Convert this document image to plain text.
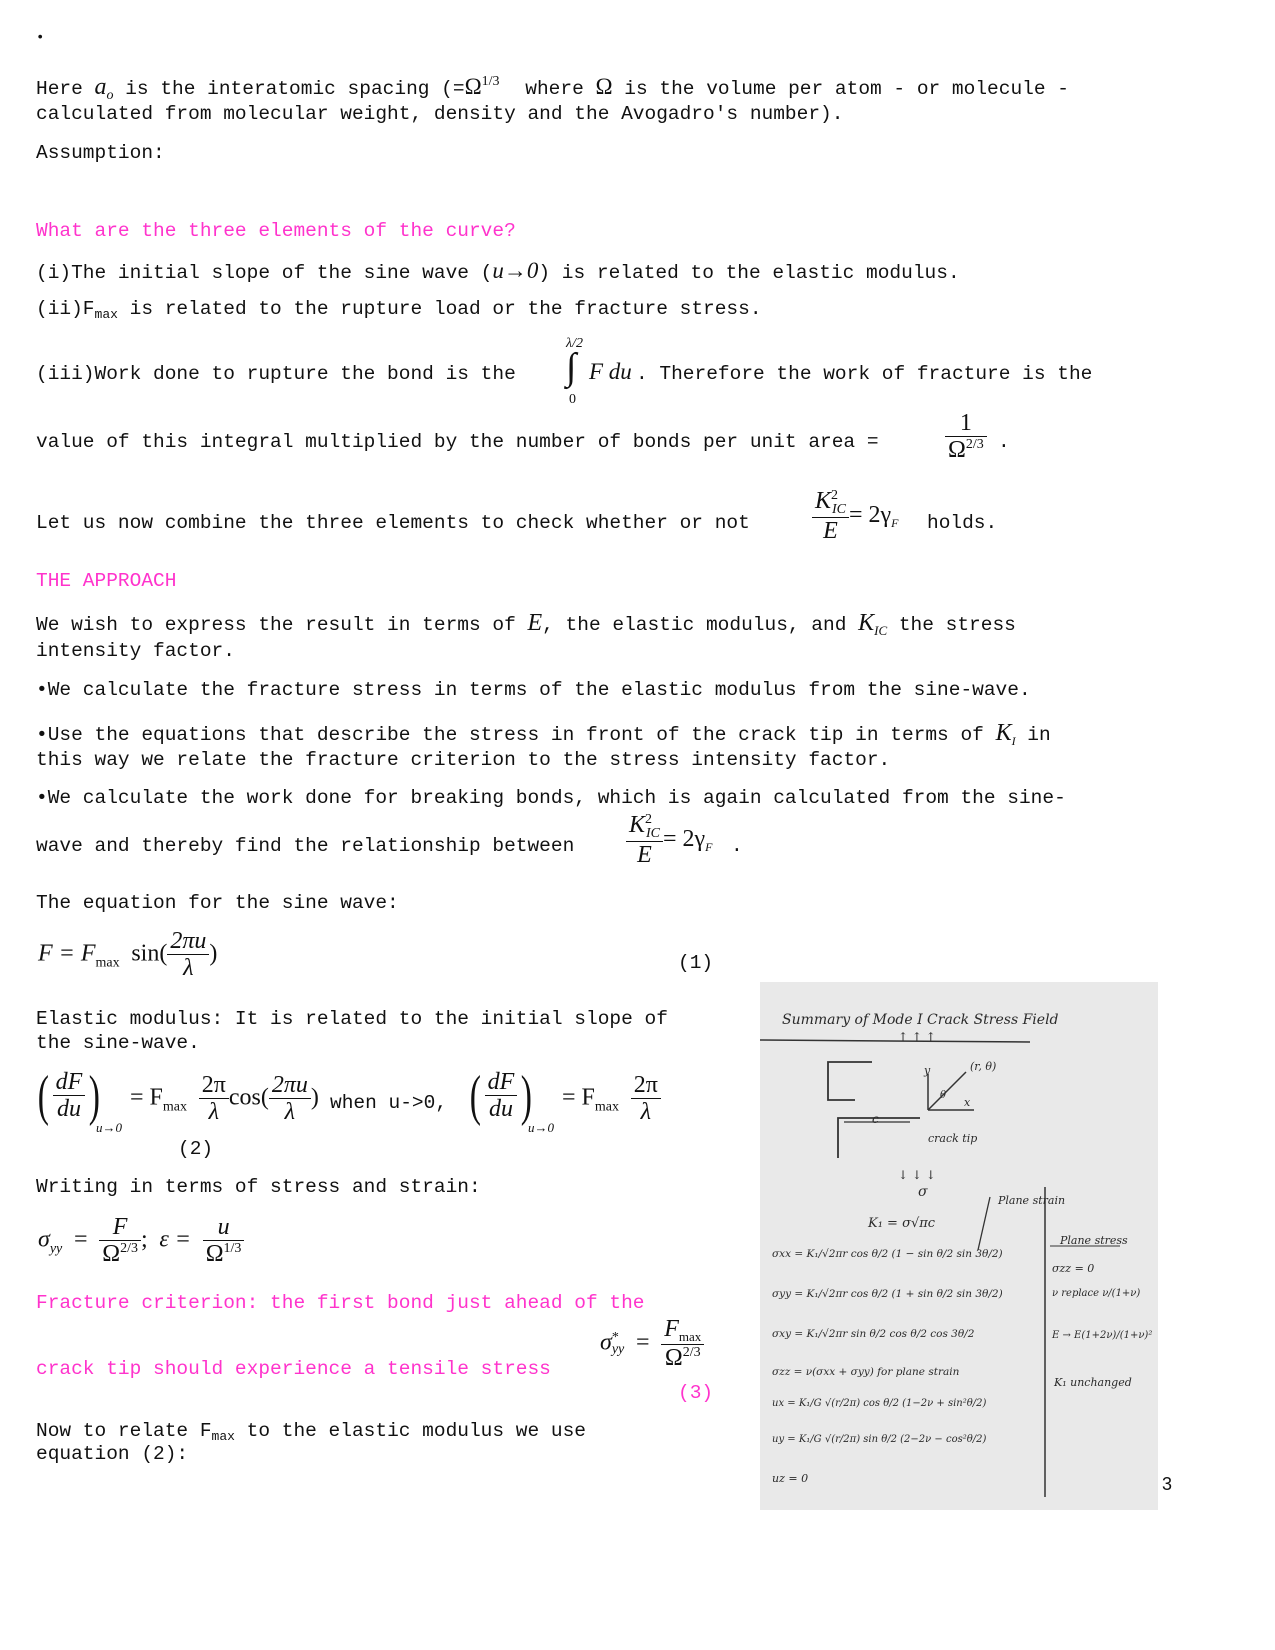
•
Here $a_o$ is the interatomic spacing ($=\Omega^{1/3}$ where Ω is the volume per atom - or molecule -
calculated from molecular weight, density and the Avogadro's number).
Assumption:
What are the three elements of the curve?
(i)The initial slope of the sine wave (u→0) is related to the elastic modulus.
$(ii)F_{max}$ is related to the rupture load or the fracture stress.
(iii)Work done to rupture the bond is the
λ/2
∫
0
F du . Therefore the work of fracture is the
value of this integral multiplied by the number of bonds per unit area =	$\frac{1}{\Omega^{2/3}}$ .
Let us now combine the three elements to check whether or not	$\frac{K^2_{IC}}{E} = 2\gamma_F$ holds.
THE APPROACH
We wish to express the result in terms of E, the elastic modulus, and $K_{IC}$ the stress
intensity factor.
•We calculate the fracture stress in terms of the elastic modulus from the sine-wave.
•Use the equations that describe the stress in front of the crack tip in terms of $K_I$ in
this way we relate the fracture criterion to the stress intensity factor.
•We calculate the work done for breaking bonds, which is again calculated from the sine-
wave and thereby find the relationship between $\frac{K^2_{IC}}{E} = 2\gamma_F$ .
The equation for the sine wave:
$F = F_{max}$ $\sin( \frac{2\pi u}{\lambda}$ )	(1)
Elastic modulus: It is related to the initial slope of
the sine-wave.
( $\frac{dF}{du}$ )
u→0
= $F_{max} \frac{2\pi}{\lambda} \cos( \frac{2\pi u}{\lambda}$ ) when u->0, ( $\frac{dF}{du}$ )
u→0
= $F_{max} \frac{2\pi}{\lambda}$
(2)
Writing in terms of stress and strain:
$\sigma_{yy} = \frac{F}{\Omega^{2/3}}$ ; $\varepsilon = \frac{u}{\Omega^{1/3}}$
Fracture criterion: the first bond just ahead of the
crack tip should experience a tensile stress
σ *
yy = $\frac{F_{max}}{\Omega^{2/3}}$
(3)
Now to relate $F_{max}$ to the elastic modulus we use
equation (2):
Summary of Mode I Crack Stress Field
↑ ↑ ↑
y	(r, θ)
θ
x
c
crack tip
↓ ↓ ↓
σ
Plane strain
K₁ = σ√πc
Plane stress
σxx = K₁/√2πr cos θ/2 (1 − sin θ/2 sin 3θ/2)
σyy = K₁/√2πr cos θ/2 (1 + sin θ/2 sin 3θ/2)
σxy = K₁/√2πr sin θ/2 cos θ/2 cos 3θ/2
σzz = ν(σxx + σyy) for plane strain
ux = K₁/G √(r/2π) cos θ/2 (1−2ν + sin²θ/2)
uy = K₁/G √(r/2π) sin θ/2 (2−2ν − cos²θ/2)
uz = 0
σzz = 0
ν replace ν/(1+ν)
E → E(1+2ν)/(1+ν)²
K₁ unchanged
3
